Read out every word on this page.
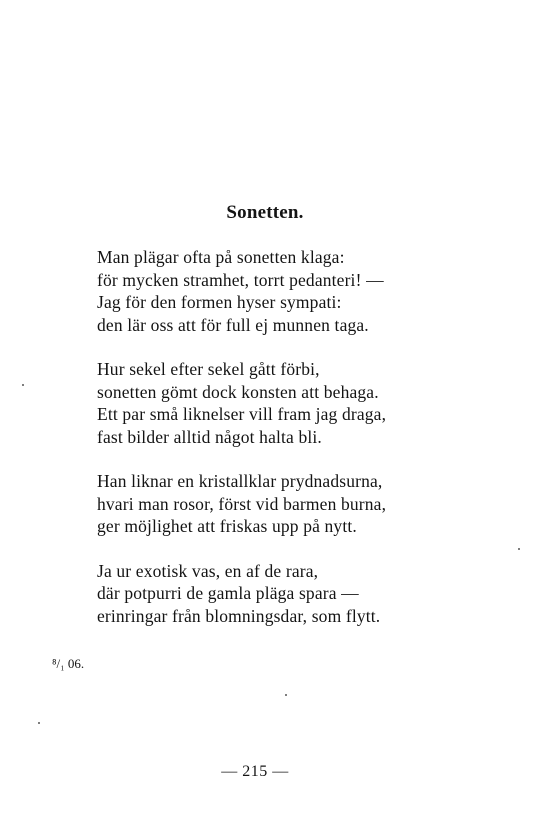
Sonetten.
Man plägar ofta på sonetten klaga:
för mycken stramhet, torrt pedanteri! —
Jag för den formen hyser sympati:
den lär oss att för full ej munnen taga.
Hur sekel efter sekel gått förbi,
sonetten gömt dock konsten att behaga.
Ett par små liknelser vill fram jag draga,
fast bilder alltid något halta bli.
Han liknar en kristallklar prydnadsurna,
hvari man rosor, först vid barmen burna,
ger möjlighet att friskas upp på nytt.
Ja ur exotisk vas, en af de rara,
där potpurri de gamla pläga spara —
erinringar från blomningsdar, som flytt.
⁸/₁ 06.
— 215 —
